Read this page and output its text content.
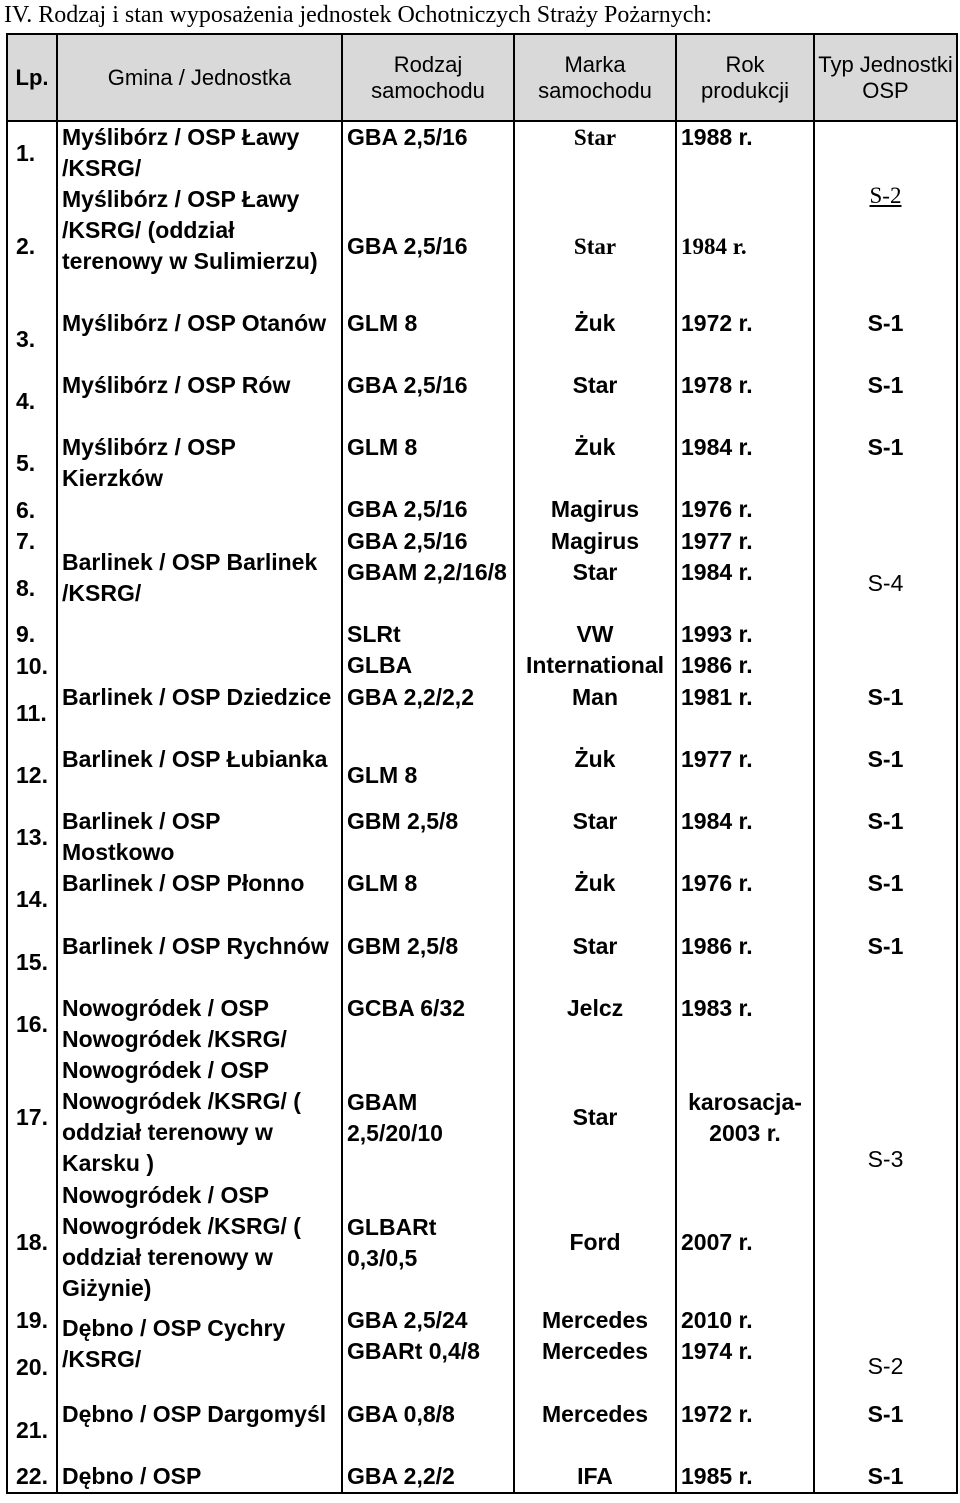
IV. Rodzaj i stan wyposażenia jednostek Ochotniczych Straży Pożarnych:
Lp.	Gmina / Jednostka	Rodzaj samochodu	Marka samochodu	Rok produkcji	Typ Jednostki OSP
1.	Myślibórz / OSP Ławy /KSRG/	GBA 2,5/16	Star	1988 r.	S-2
2.	Myślibórz / OSP Ławy /KSRG/ (oddział terenowy w Sulimierzu)	GBA 2,5/16	Star	1984 r.	
3.	Myślibórz / OSP Otanów	GLM 8	Żuk	1972 r.	S-1
4.	Myślibórz / OSP Rów	GBA 2,5/16	Star	1978 r.	S-1
5.	Myślibórz / OSP Kierzków	GLM 8	Żuk	1984 r.	S-1
6.	Barlinek / OSP Barlinek /KSRG/	GBA 2,5/16	Magirus	1976 r.	S-4
7.		GBA 2,5/16	Magirus	1977 r.	
8.		GBAM 2,2/16/8	Star	1984 r.	
9.		SLRt	VW	1993 r.	
10.		GLBA	International	1986 r.	
11.	Barlinek / OSP Dziedzice	GBA 2,2/2,2	Man	1981 r.	S-1
12.	Barlinek / OSP Łubianka	GLM 8	Żuk	1977 r.	S-1
13.	Barlinek / OSP Mostkowo	GBM 2,5/8	Star	1984 r.	S-1
14.	Barlinek / OSP Płonno	GLM 8	Żuk	1976 r.	S-1
15.	Barlinek / OSP Rychnów	GBM 2,5/8	Star	1986 r.	S-1
16.	Nowogródek / OSP Nowogródek /KSRG/	GCBA 6/32	Jelcz	1983 r.	S-3
17.	Nowogródek / OSP Nowogródek /KSRG/ ( oddział terenowy w Karsku )	GBAM 2,5/20/10	Star	karosacja-2003 r.	
18.	Nowogródek / OSP Nowogródek /KSRG/ ( oddział terenowy w Giżynie)	GLBARt 0,3/0,5	Ford	2007 r.	
19.	Dębno / OSP Cychry /KSRG/	GBA 2,5/24	Mercedes	2010 r.	S-2
20.		GBARt 0,4/8	Mercedes	1974 r.	
21.	Dębno / OSP Dargomyśl	GBA 0,8/8	Mercedes	1972 r.	S-1
22.	Dębno / OSP	GBA 2,2/2	IFA	1985 r.	S-1
